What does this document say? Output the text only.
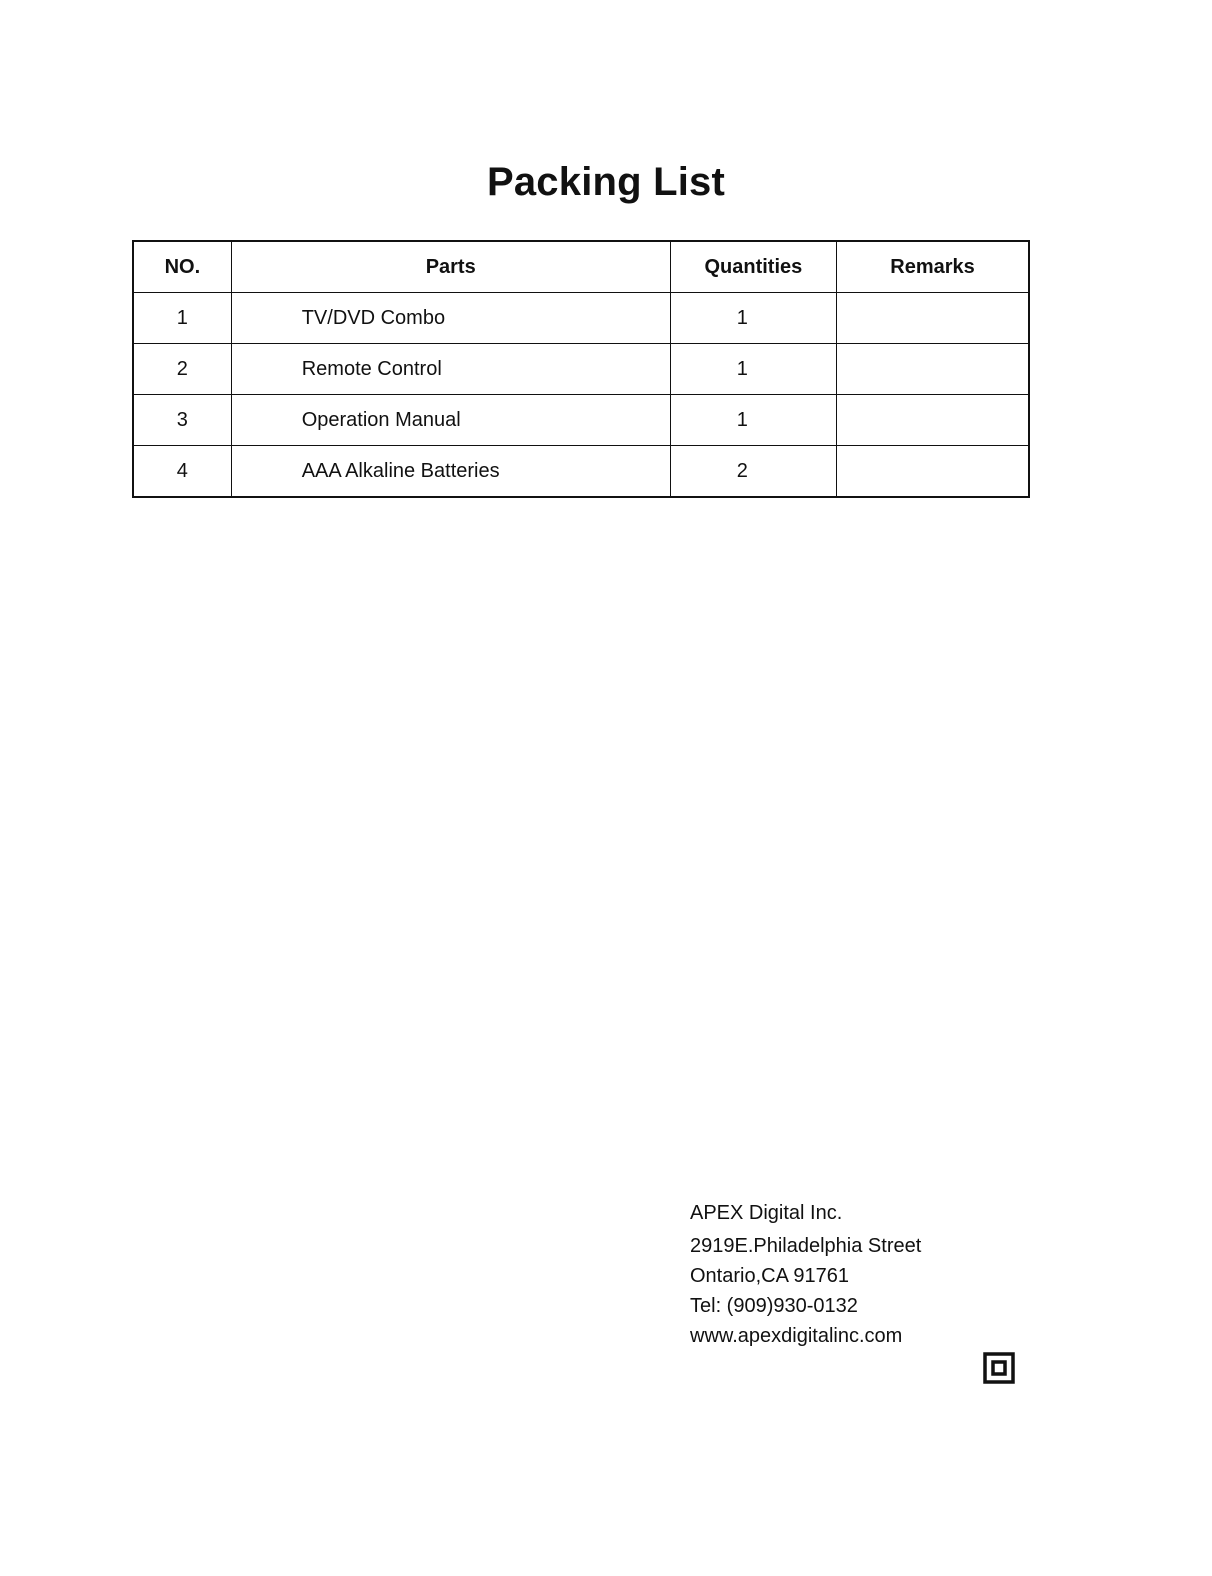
Packing List
NO.	Parts	Quantities	Remarks
1	TV/DVD Combo	1	
2	Remote Control	1	
3	Operation Manual	1	
4	AAA Alkaline Batteries	2	
APEX Digital Inc.
2919E.Philadelphia Street
Ontario,CA 91761
Tel: (909)930-0132
www.apexdigitalinc.com
